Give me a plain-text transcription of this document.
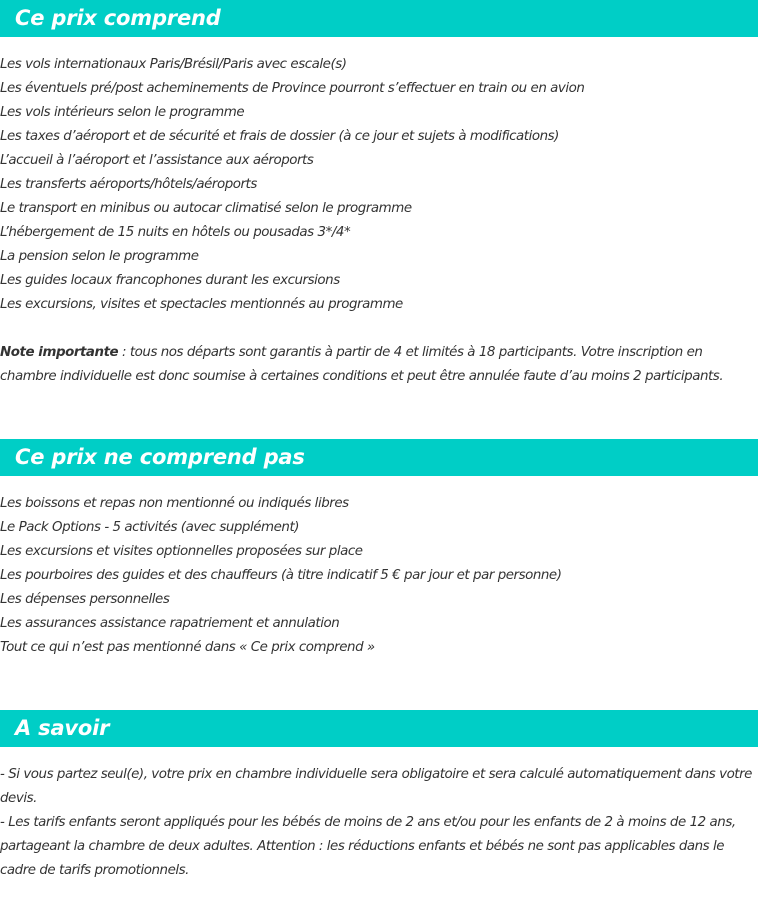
Ce prix comprend
Les vols internationaux Paris/Brésil/Paris avec escale(s)
Les éventuels pré/post acheminements de Province pourront s’effectuer en train ou en avion
Les vols intérieurs selon le programme
Les taxes d’aéroport et de sécurité et frais de dossier (à ce jour et sujets à modifications)
L’accueil à l’aéroport et l’assistance aux aéroports
Les transferts aéroports/hôtels/aéroports
Le transport en minibus ou autocar climatisé selon le programme
L’hébergement de 15 nuits en hôtels ou pousadas 3*/4*
La pension selon le programme
Les guides locaux francophones durant les excursions
Les excursions, visites et spectacles mentionnés au programme

Note importante : tous nos départs sont garantis à partir de 4 et limités à 18 participants. Votre inscription en chambre individuelle est donc soumise à certaines conditions et peut être annulée faute d’au moins 2 participants.

Ce prix ne comprend pas
Les boissons et repas non mentionné ou indiqués libres
Le Pack Options - 5 activités (avec supplément)
Les excursions et visites optionnelles proposées sur place
Les pourboires des guides et des chauffeurs (à titre indicatif 5 € par jour et par personne)
Les dépenses personnelles
Les assurances assistance rapatriement et annulation
Tout ce qui n’est pas mentionné dans « Ce prix comprend »
A savoir

- Si vous partez seul(e), votre prix en chambre individuelle sera obligatoire et sera calculé automatiquement dans votre devis.

- Les tarifs enfants seront appliqués pour les bébés de moins de 2 ans et/ou pour les enfants de 2 à moins de 12 ans, partageant la chambre de deux adultes. Attention : les réductions enfants et bébés ne sont pas applicables dans le cadre de tarifs promotionnels.
